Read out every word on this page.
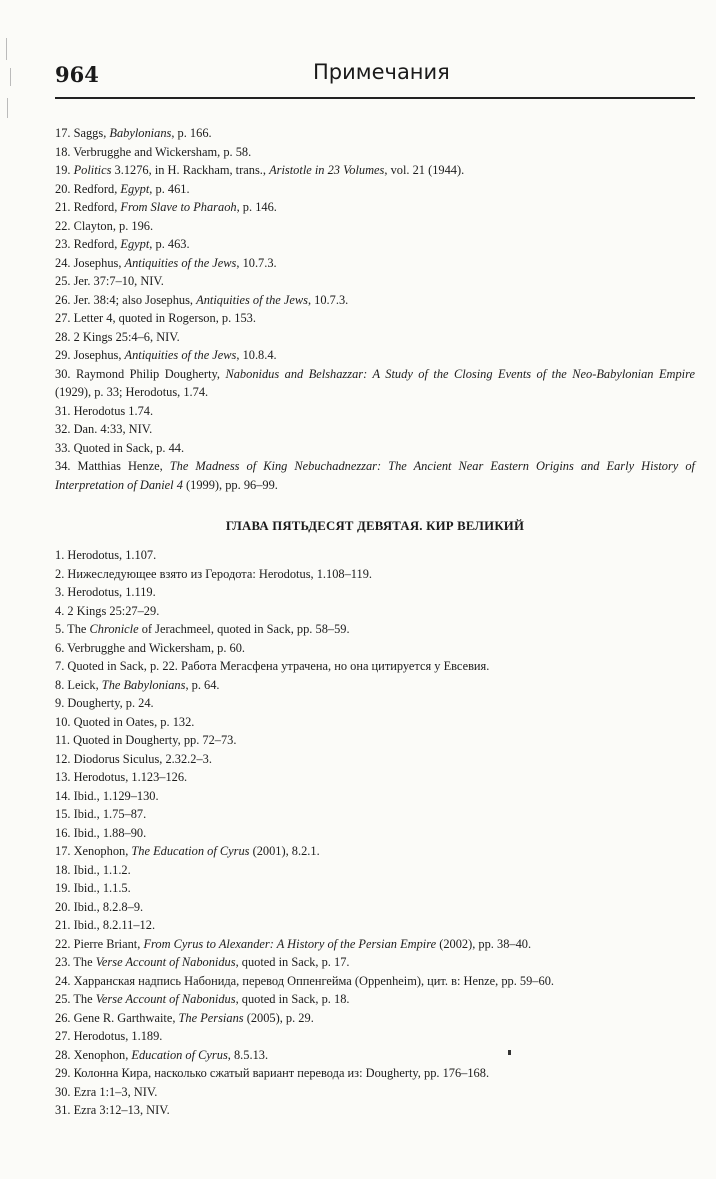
964	Примечания
17. Saggs, Babylonians, p. 166.
18. Verbrugghe and Wickersham, p. 58.
19. Politics 3.1276, in H. Rackham, trans., Aristotle in 23 Volumes, vol. 21 (1944).
20. Redford, Egypt, p. 461.
21. Redford, From Slave to Pharaoh, p. 146.
22. Clayton, p. 196.
23. Redford, Egypt, p. 463.
24. Josephus, Antiquities of the Jews, 10.7.3.
25. Jer. 37:7–10, NIV.
26. Jer. 38:4; also Josephus, Antiquities of the Jews, 10.7.3.
27. Letter 4, quoted in Rogerson, p. 153.
28. 2 Kings 25:4–6, NIV.
29. Josephus, Antiquities of the Jews, 10.8.4.
30. Raymond Philip Dougherty, Nabonidus and Belshazzar: A Study of the Closing Events of the Neo-Babylonian Empire (1929), p. 33; Herodotus, 1.74.
31. Herodotus 1.74.
32. Dan. 4:33, NIV.
33. Quoted in Sack, p. 44.
34. Matthias Henze, The Madness of King Nebuchadnezzar: The Ancient Near Eastern Origins and Early History of Interpretation of Daniel 4 (1999), pp. 96–99.
ГЛАВА ПЯТЬДЕСЯТ ДЕВЯТАЯ. КИР ВЕЛИКИЙ
1. Herodotus, 1.107.
2. Нижеследующее взято из Геродота: Herodotus, 1.108–119.
3. Herodotus, 1.119.
4. 2 Kings 25:27–29.
5. The Chronicle of Jerachmeel, quoted in Sack, pp. 58–59.
6. Verbrugghe and Wickersham, p. 60.
7. Quoted in Sack, p. 22. Работа Мегасфена утрачена, но она цитируется у Евсевия.
8. Leick, The Babylonians, p. 64.
9. Dougherty, p. 24.
10. Quoted in Oates, p. 132.
11. Quoted in Dougherty, pp. 72–73.
12. Diodorus Siculus, 2.32.2–3.
13. Herodotus, 1.123–126.
14. Ibid., 1.129–130.
15. Ibid., 1.75–87.
16. Ibid., 1.88–90.
17. Xenophon, The Education of Cyrus (2001), 8.2.1.
18. Ibid., 1.1.2.
19. Ibid., 1.1.5.
20. Ibid., 8.2.8–9.
21. Ibid., 8.2.11–12.
22. Pierre Briant, From Cyrus to Alexander: A History of the Persian Empire (2002), pp. 38–40.
23. The Verse Account of Nabonidus, quoted in Sack, p. 17.
24. Харранская надпись Набонида, перевод Оппенгейма (Oppenheim), цит. в: Henze, pp. 59–60.
25. The Verse Account of Nabonidus, quoted in Sack, p. 18.
26. Gene R. Garthwaite, The Persians (2005), p. 29.
27. Herodotus, 1.189.
28. Xenophon, Education of Cyrus, 8.5.13.
29. Колонна Кира, насколько сжатый вариант перевода из: Dougherty, pp. 176–168.
30. Ezra 1:1–3, NIV.
31. Ezra 3:12–13, NIV.
